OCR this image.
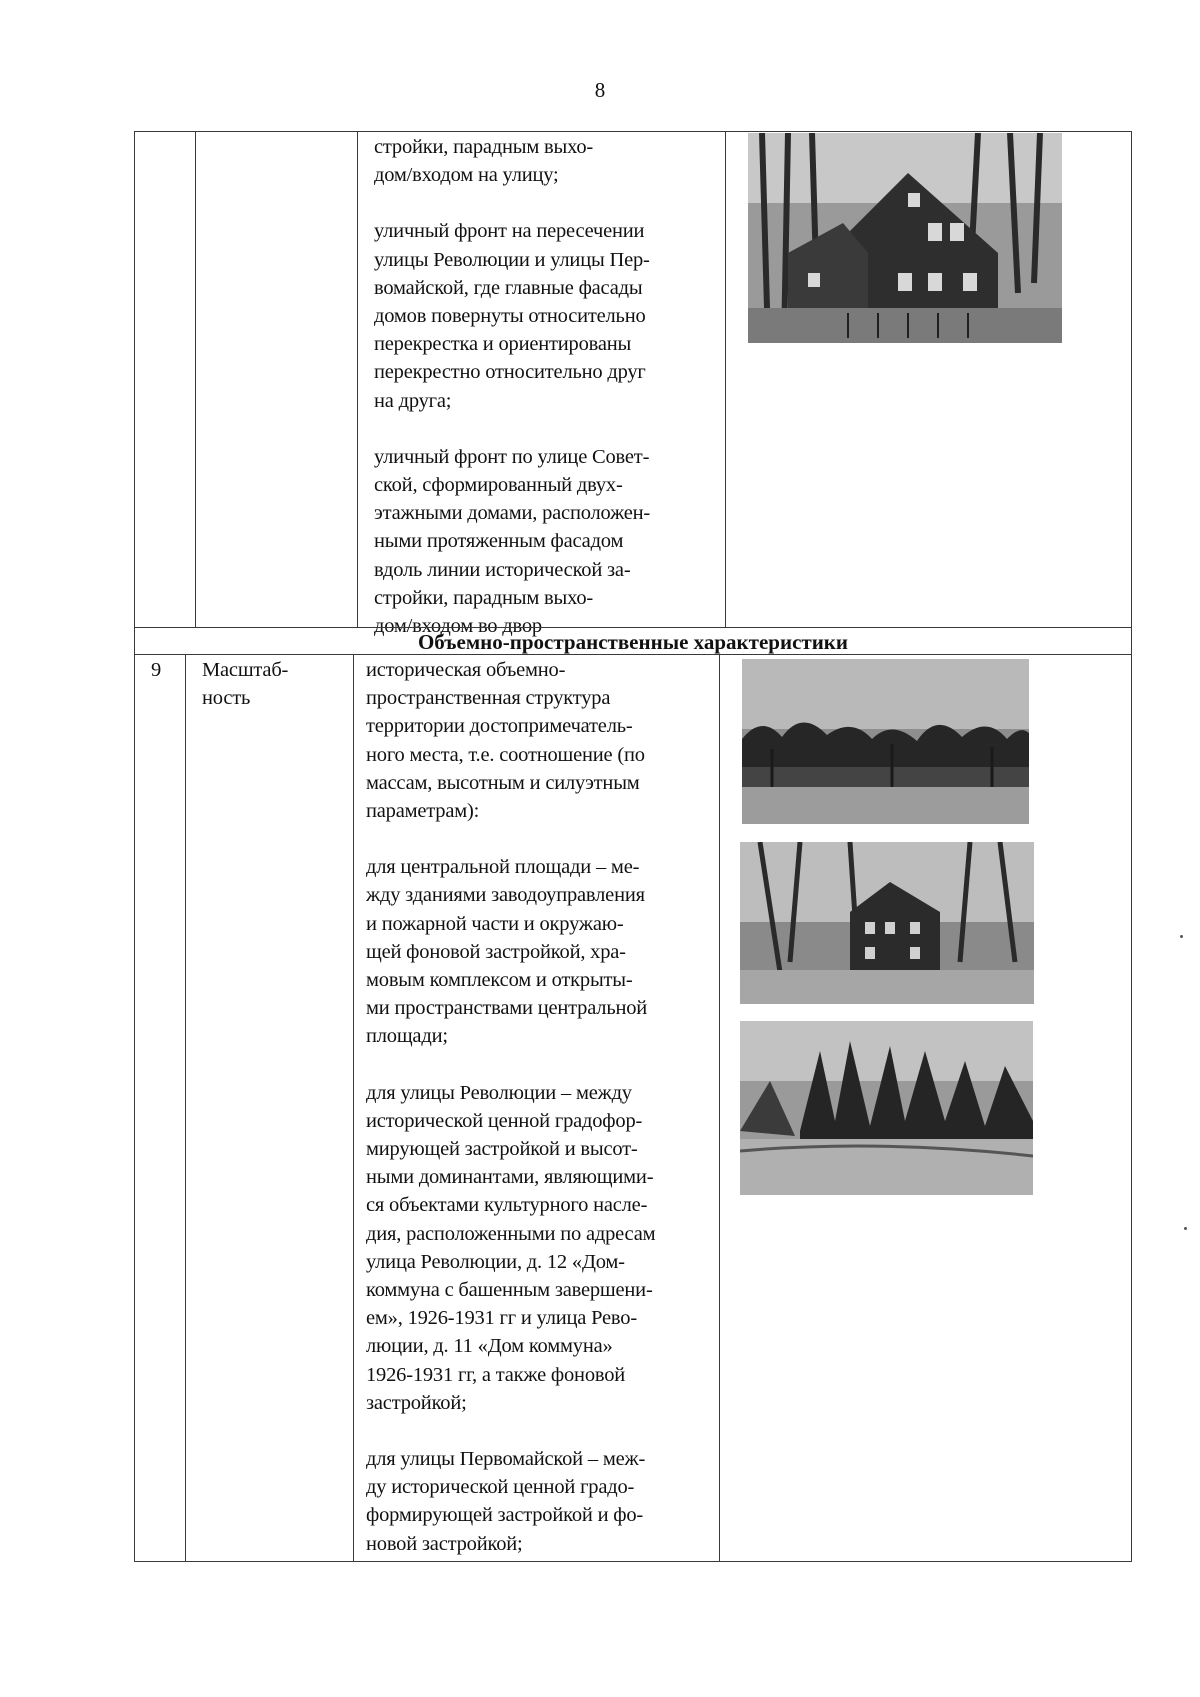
8
стройки, парадным выхо-
дом/входом на улицу;
уличный фронт на пересечении
улицы Революции и улицы Пер-
вомайской, где главные фасады
домов повернуты относительно
перекрестка и ориентированы
перекрестно относительно друг
на друга;
уличный фронт по улице Совет-
ской, сформированный двух-
этажными домами, расположен-
ными протяженным фасадом
вдоль линии исторической за-
стройки, парадным выхо-
дом/входом во двор
Объемно-пространственные характеристики
9 Масштаб-
ность
историческая объемно-
пространственная структура
территории достопримечатель-
ного места, т.е. соотношение (по
массам, высотным и силуэтным
параметрам):
для центральной площади – ме-
жду зданиями заводоуправления
и пожарной части и окружаю-
щей фоновой застройкой, хра-
мовым комплексом и открыты-
ми пространствами центральной
площади;
для улицы Революции – между
исторической ценной градофор-
мирующей застройкой и высот-
ными доминантами, являющими-
ся объектами культурного насле-
дия, расположенными по адресам
улица Революции, д. 12 «Дом-
коммуна с башенным завершени-
ем», 1926-1931 гг и улица Рево-
люции, д. 11 «Дом коммуна»
1926-1931 гг, а также фоновой
застройкой;
для улицы Первомайской – меж-
ду исторической ценной градо-
формирующей застройкой и фо-
новой застройкой;
